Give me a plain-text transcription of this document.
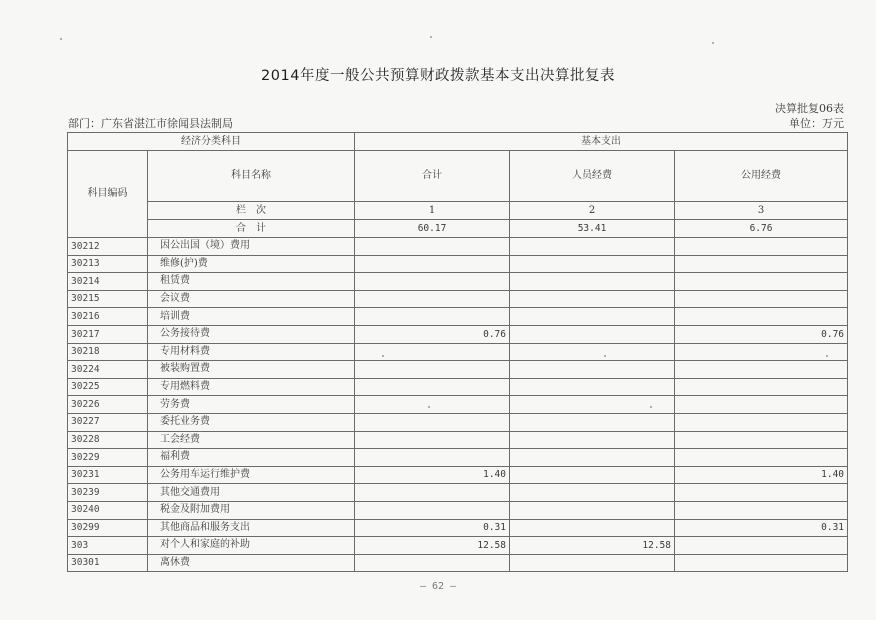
2014年度一般公共预算财政拨款基本支出决算批复表
决算批复06表
部门：广东省湛江市徐闻县法制局	单位：万元
经济分类科目		基本支出		
科目编码	科目名称	合计	人员经费	公用经费
	栏　次	1	2	3
	合　计	60.17	53.41	6.76
30212	因公出国（境）费用			
30213	维修(护)费			
30214	租赁费			
30215	会议费			
30216	培训费			
30217	公务接待费	0.76		0.76
30218	专用材料费			
30224	被装购置费			
30225	专用燃料费			
30226	劳务费			
30227	委托业务费			
30228	工会经费			
30229	福利费			
30231	公务用车运行维护费	1.40		1.40
30239	其他交通费用			
30240	税金及附加费用			
30299	其他商品和服务支出	0.31		0.31
303	对个人和家庭的补助	12.58	12.58	
30301	离休费			
— 62 —
